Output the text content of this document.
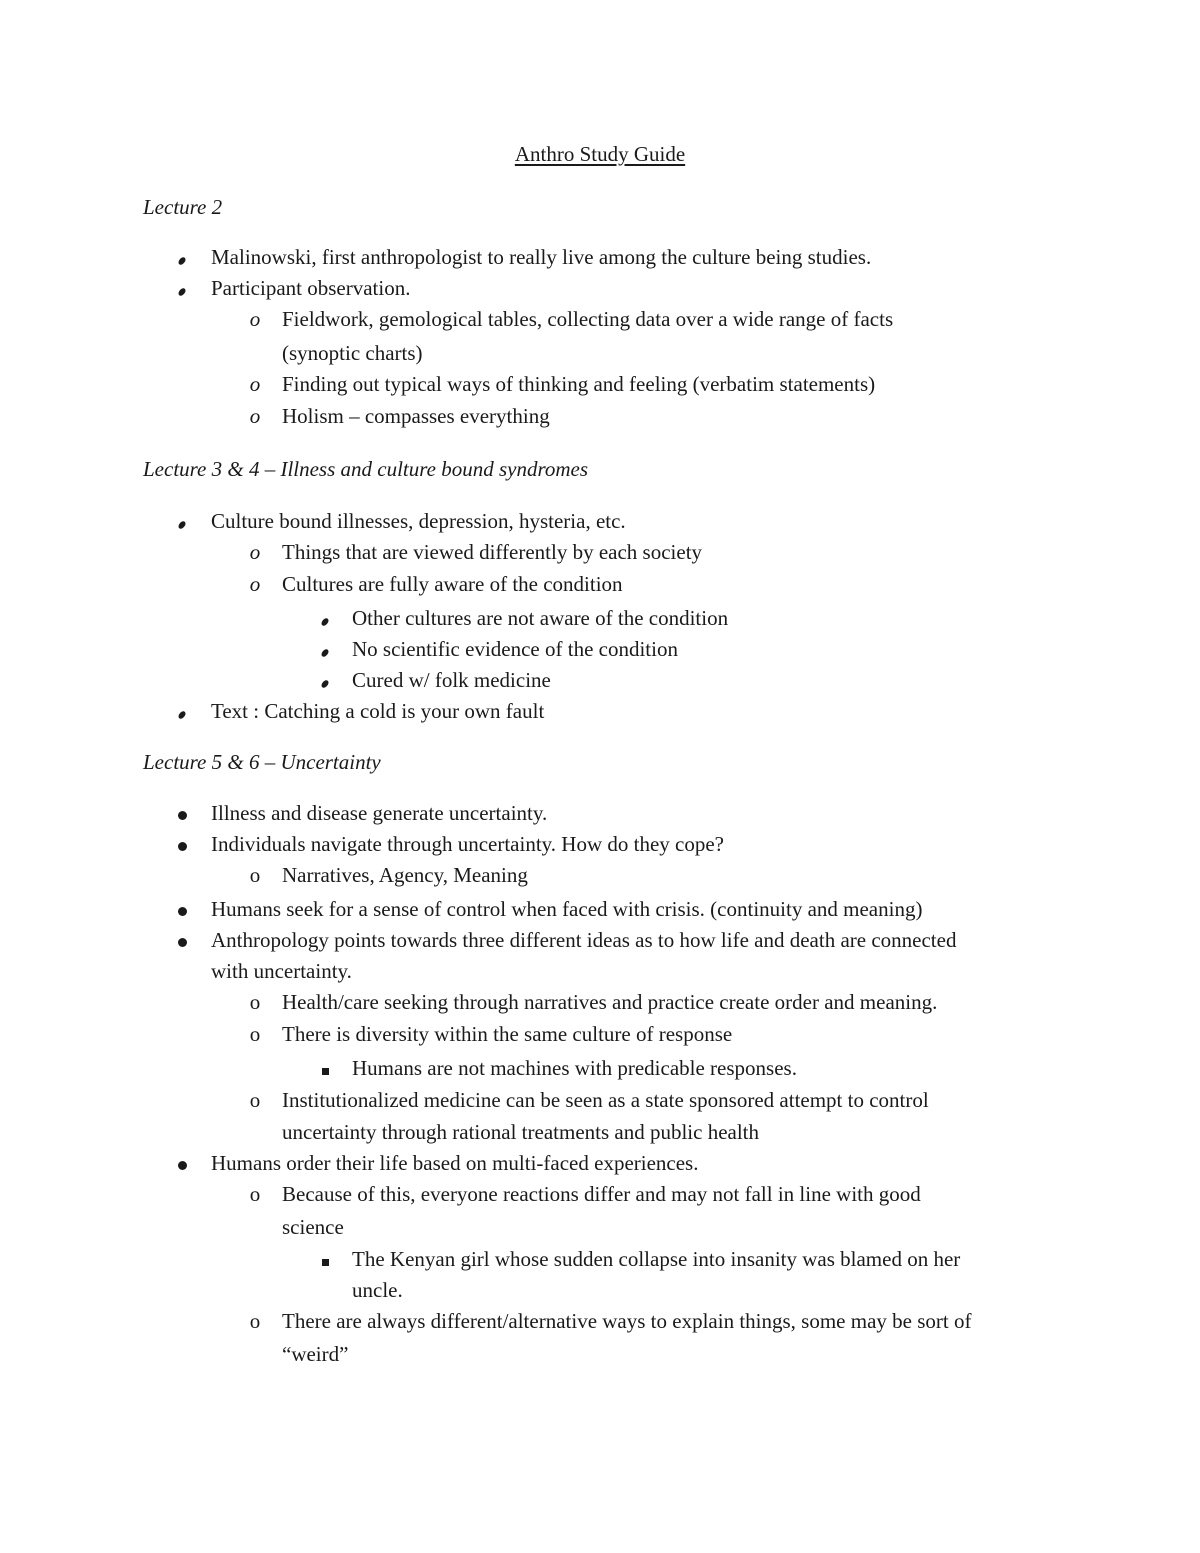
Anthro Study Guide
Lecture 2
Malinowski, first anthropologist to really live among the culture being studies.
Participant observation.
o Fieldwork, gemological tables, collecting data over a wide range of facts
(synoptic charts)
o Finding out typical ways of thinking and feeling (verbatim statements)
o Holism – compasses everything
Lecture 3 & 4 – Illness and culture bound syndromes
Culture bound illnesses, depression, hysteria, etc.
o Things that are viewed differently by each society
o Cultures are fully aware of the condition
Other cultures are not aware of the condition
No scientific evidence of the condition
Cured w/ folk medicine
Text : Catching a cold is your own fault
Lecture 5 & 6 – Uncertainty
Illness and disease generate uncertainty.
Individuals navigate through uncertainty. How do they cope?
o Narratives, Agency, Meaning
Humans seek for a sense of control when faced with crisis. (continuity and meaning)
Anthropology points towards three different ideas as to how life and death are connected
with uncertainty.
o Health/care seeking through narratives and practice create order and meaning.
o There is diversity within the same culture of response
Humans are not machines with predicable responses.
o Institutionalized medicine can be seen as a state sponsored attempt to control
uncertainty through rational treatments and public health
Humans order their life based on multi-faced experiences.
o Because of this, everyone reactions differ and may not fall in line with good
science
The Kenyan girl whose sudden collapse into insanity was blamed on her
uncle.
o There are always different/alternative ways to explain things, some may be sort of
“weird”
